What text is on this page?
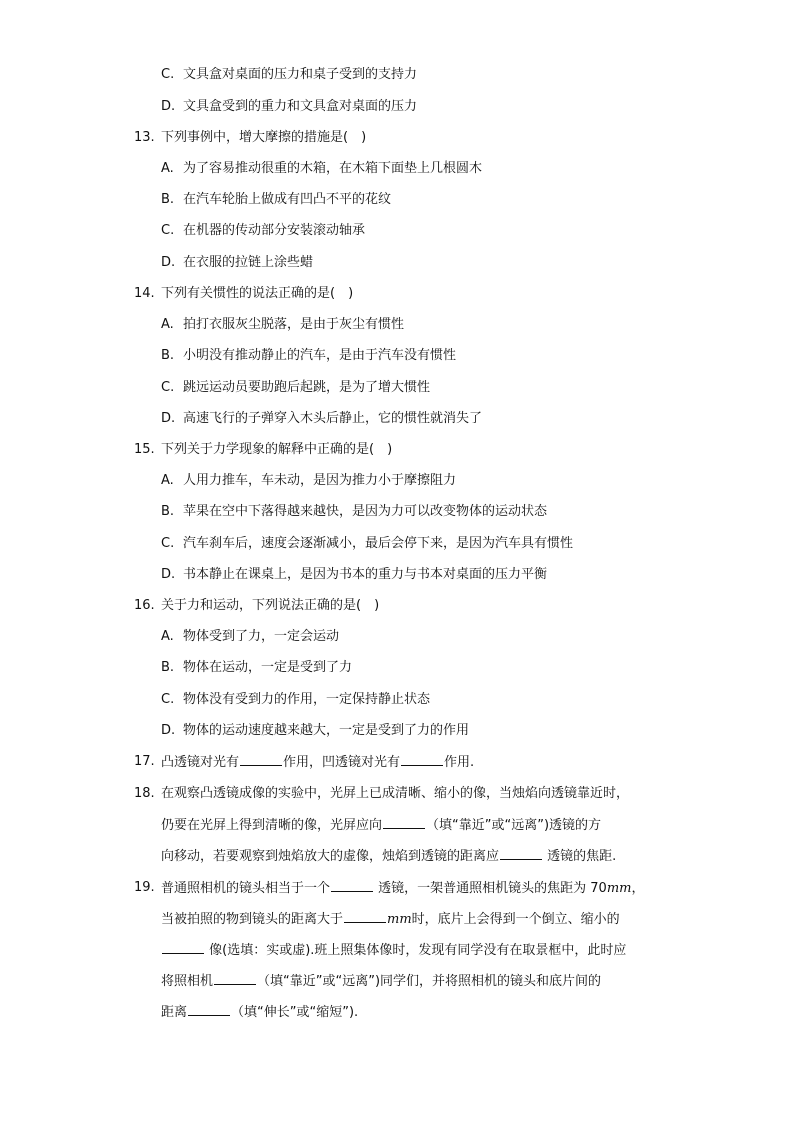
C. 文具盒对桌面的压力和桌子受到的支持力
D. 文具盒受到的重力和文具盒对桌面的压力
13. 下列事例中，增大摩擦的措施是(　)
A. 为了容易推动很重的木箱，在木箱下面垫上几根圆木
B. 在汽车轮胎上做成有凹凸不平的花纹
C. 在机器的传动部分安装滚动轴承
D. 在衣服的拉链上涂些蜡
14. 下列有关惯性的说法正确的是(　)
A. 拍打衣服灰尘脱落，是由于灰尘有惯性
B. 小明没有推动静止的汽车，是由于汽车没有惯性
C. 跳远运动员要助跑后起跳，是为了增大惯性
D. 高速飞行的子弹穿入木头后静止，它的惯性就消失了
15. 下列关于力学现象的解释中正确的是(　)
A. 人用力推车，车未动，是因为推力小于摩擦阻力
B. 苹果在空中下落得越来越快，是因为力可以改变物体的运动状态
C. 汽车刹车后，速度会逐渐减小，最后会停下来，是因为汽车具有惯性
D. 书本静止在课桌上，是因为书本的重力与书本对桌面的压力平衡
16. 关于力和运动，下列说法正确的是(　)
A. 物体受到了力，一定会运动
B. 物体在运动，一定是受到了力
C. 物体没有受到力的作用，一定保持静止状态
D. 物体的运动速度越来越大，一定是受到了力的作用
17. 凸透镜对光有	作用，凹透镜对光有	作用.
18. 在观察凸透镜成像的实验中，光屏上已成清晰、缩小的像，当烛焰向透镜靠近时，
仍要在光屏上得到清晰的像，光屏应向	（填“靠近”或“远离”)透镜的方
向移动，若要观察到烛焰放大的虚像，烛焰到透镜的距离应	透镜的焦距.
19. 普通照相机的镜头相当于一个	透镜，一架普通照相机镜头的焦距为 70mm，
当被拍照的物到镜头的距离大于	mm时，底片上会得到一个倒立、缩小的
像(选填：实或虚).班上照集体像时，发现有同学没有在取景框中，此时应
将照相机	（填“靠近”或“远离”)同学们，并将照相机的镜头和底片间的
距离	（填“伸长”或“缩短”).
